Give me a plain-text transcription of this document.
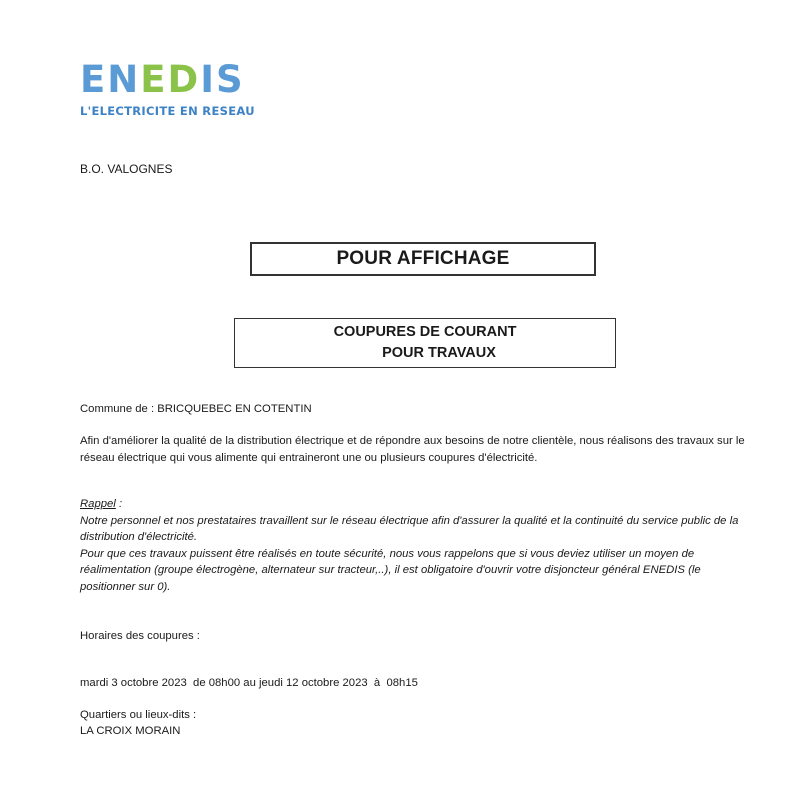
ENEDIS
L'ELECTRICITE EN RESEAU
B.O. VALOGNES
POUR AFFICHAGE
COUPURES DE COURANT
POUR TRAVAUX
Commune de : BRICQUEBEC EN COTENTIN
Afin d'améliorer la qualité de la distribution électrique et de répondre aux besoins de notre clientèle, nous réalisons des travaux sur le réseau électrique qui vous alimente qui entraineront une ou plusieurs coupures d'électricité.
Rappel :
Notre personnel et nos prestataires travaillent sur le réseau électrique afin d'assurer la qualité et la continuité du service public de la distribution d'électricité.
Pour que ces travaux puissent être réalisés en toute sécurité, nous vous rappelons que si vous deviez utiliser un moyen de réalimentation (groupe électrogène, alternateur sur tracteur,..), il est obligatoire d'ouvrir votre disjoncteur général ENEDIS (le positionner sur 0).
Horaires des coupures :
mardi 3 octobre 2023  de 08h00 au jeudi 12 octobre 2023  à  08h15
Quartiers ou lieux-dits :
LA CROIX MORAIN
